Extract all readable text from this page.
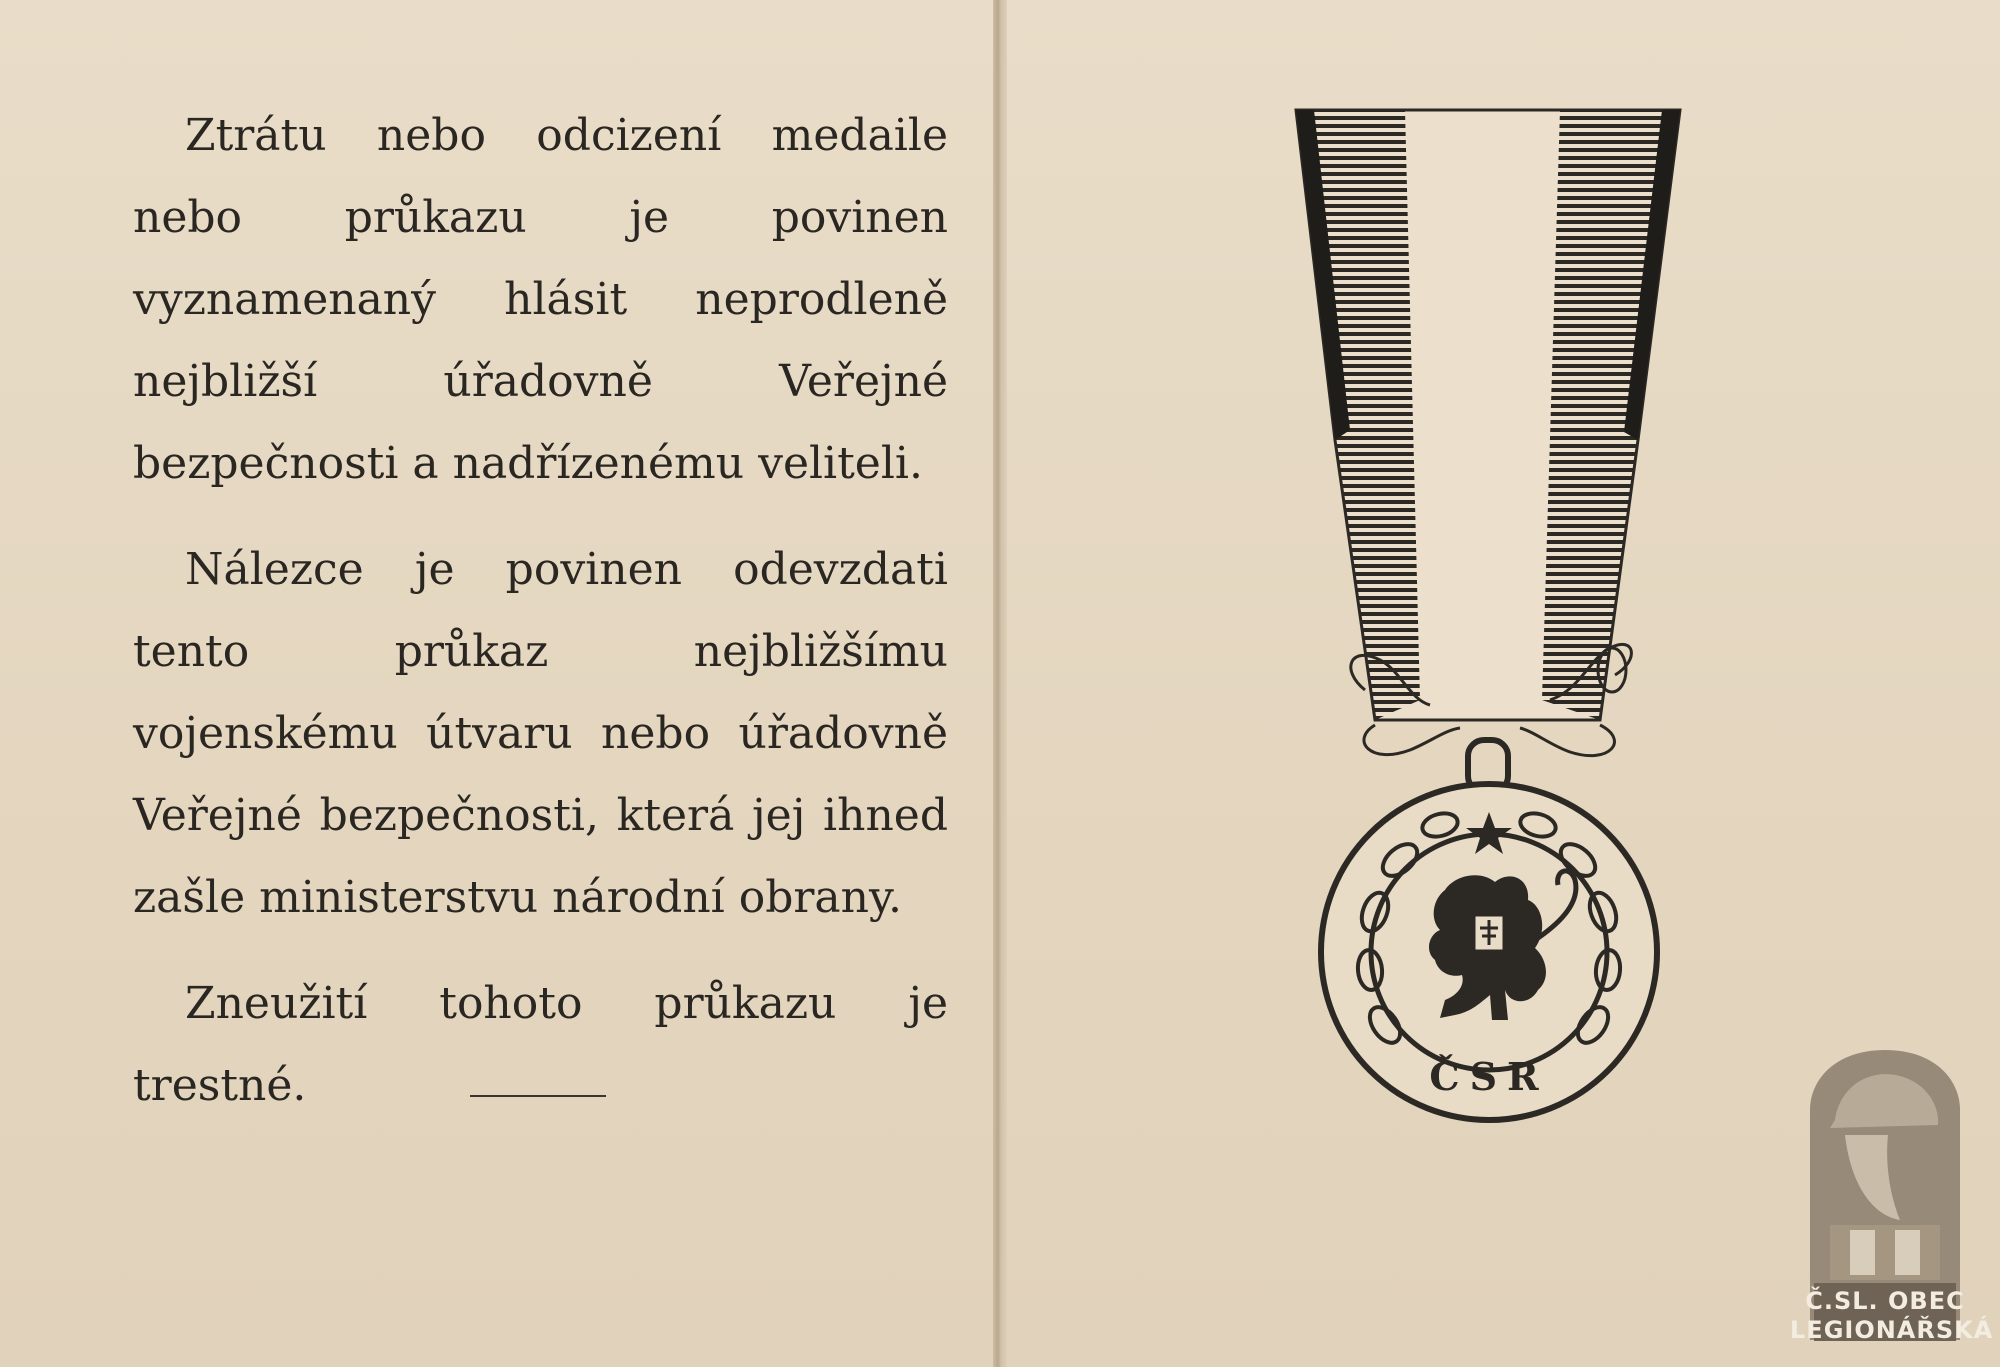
Ztrátu nebo odcizení medaile nebo průkazu je povinen vyznamenaný hlásit neprodleně nejbližší úřadovně Veřejné bezpečnosti a nadřízenému veliteli.

Nálezce je povinen odevzdati tento průkaz nejbližšímu vojenskému útvaru nebo úřadovně Veřejné bezpečnosti, která jej ihned zašle ministerstvu národní obrany.

Zneužití tohoto průkazu je trestné.	ČSR
Č.SL. OBEC
LEGIONÁŘSKÁ
